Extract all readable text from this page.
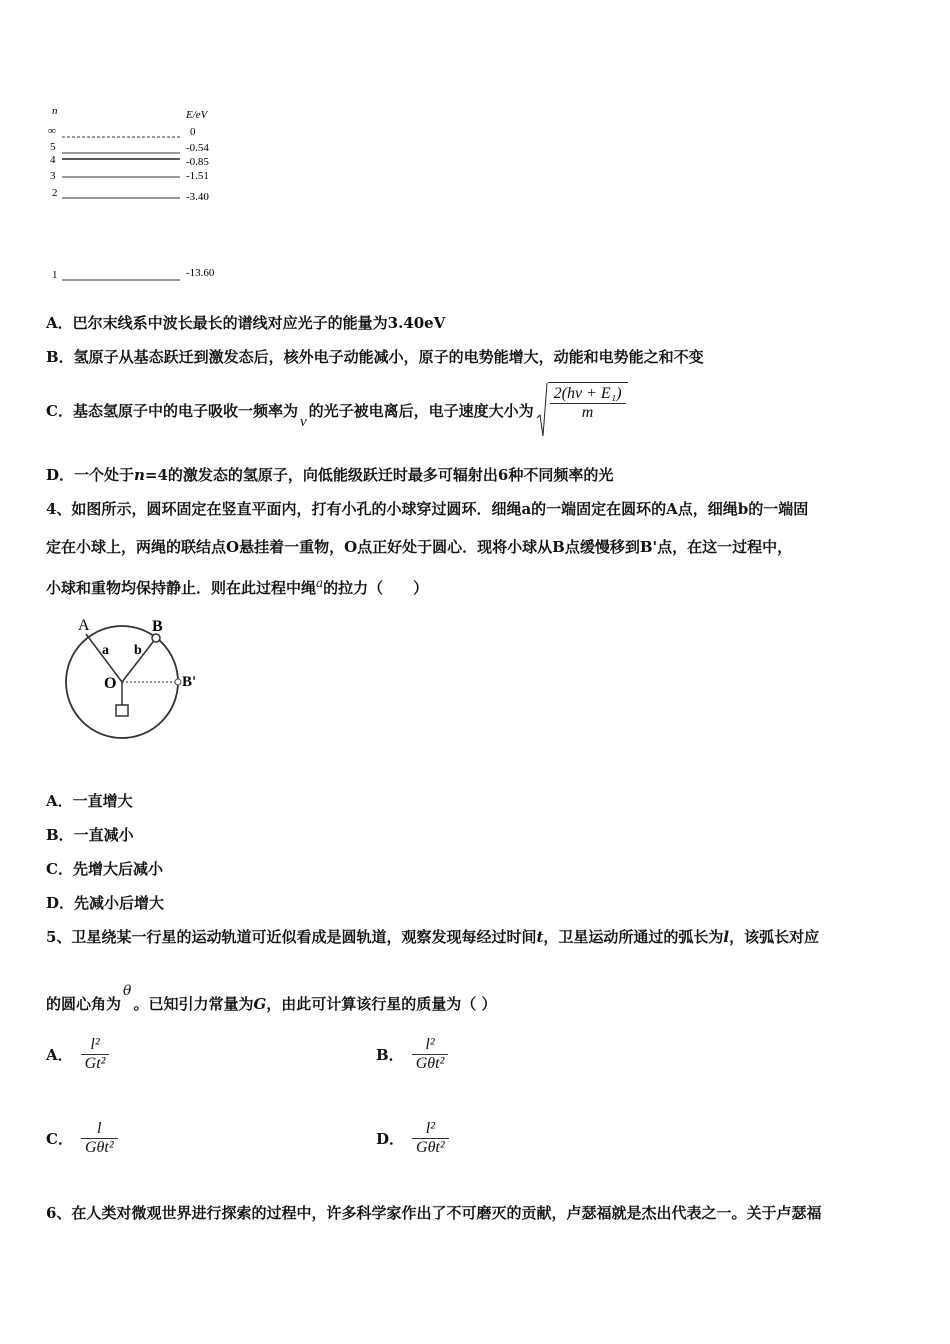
n	E/eV
∞	0
5	-0.54
4	-0.85
3	-1.51
2	-3.40
1	-13.60
A．巴尔末线系中波长最长的谱线对应光子的能量为3.40eV
B．氢原子从基态跃迁到激发态后，核外电子动能减小，原子的电势能增大，动能和电势能之和不变
C．基态氢原子中的电子吸收一频率为
ν
的光子被电离后，电子速度大小为 $\frac{\text{2(hν + E₁)}}{m}$
D．一个处于n=4的激发态的氢原子，向低能级跃迁时最多可辐射出6种不同频率的光
4、如图所示，圆环固定在竖直平面内，打有小孔的小球穿过圆环．细绳a的一端固定在圆环的A点，细绳b的一端固
定在小球上，两绳的联结点O悬挂着一重物，O点正好处于圆心．现将小球从B点缓慢移到B'点，在这一过程中，
小球和重物均保持静止．则在此过程中绳$^a$的拉力（　　）
A	B
B'
O
a b
A．一直增大
B．一直减小
C．先增大后减小
D．先减小后增大
5、卫星绕某一行星的运动轨道可近似看成是圆轨道，观察发现每经过时间t，卫星运动所通过的弧长为l，该弧长对应
的圆心角为$^\theta$。已知引力常量为G，由此可计算该行星的质量为（ ）
A． $\frac{\text{l²}}{\text{Gt²}}$	B． $\frac{\text{l²}}{\text{Gθt²}}$
C． $\frac{l}{\text{Gθt²}}$	D． $\frac{\text{l²}}{\text{Gθt²}}$
6、在人类对微观世界进行探索的过程中，许多科学家作出了不可磨灭的贡献，卢瑟福就是杰出代表之一。关于卢瑟福
